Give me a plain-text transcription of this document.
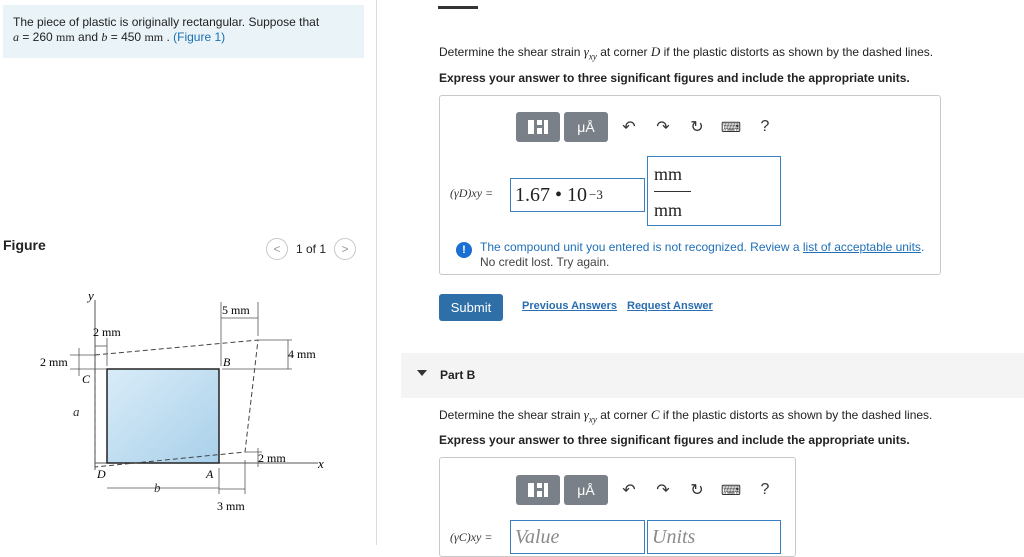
The piece of plastic is originally rectangular. Suppose that
a = 260 mm and b = 450 mm . (Figure 1)
Figure	< 1 of 1 >
y
x
5 mm
2 mm
2 mm
4 mm
2 mm
3 mm
b
a
C
B
D	A
Determine the shear strain $\gamma_{xy}$ at corner D if the plastic distorts as shown by the dashed lines.
Express your answer to three significant figures and include the appropriate units.
μÅ ↶ ↷ ↻ ⌨ ?
(γD)xy = 1.67 • 10 −3
mm
mm
!	The compound unit you entered is not recognized. Review a list of acceptable units.
No credit lost. Try again.
Submit	Previous Answers Request Answer
Part B
Determine the shear strain $\gamma_{xy}$ at corner C if the plastic distorts as shown by the dashed lines.
Express your answer to three significant figures and include the appropriate units.
μÅ ↶ ↷ ↻ ⌨ ?
(γC)xy = Value	Units
